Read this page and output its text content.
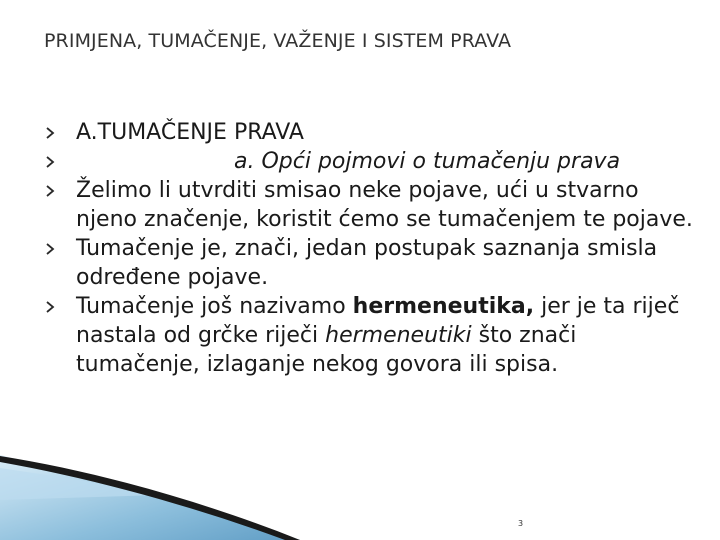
PRIMJENA, TUMAČENJE, VAŽENJE I SISTEM PRAVA
A.TUMAČENJE PRAVA
a. Opći pojmovi o tumačenju prava
Želimo li utvrditi smisao neke pojave, ući u stvarno njeno značenje, koristit ćemo se tumačenjem te pojave.
Tumačenje je, znači, jedan postupak saznanja smisla određene pojave.
Tumačenje još nazivamo hermeneutika, jer je ta riječ nastala od grčke riječi hermeneutiki što znači tumačenje, izlaganje nekog govora ili spisa.
3
